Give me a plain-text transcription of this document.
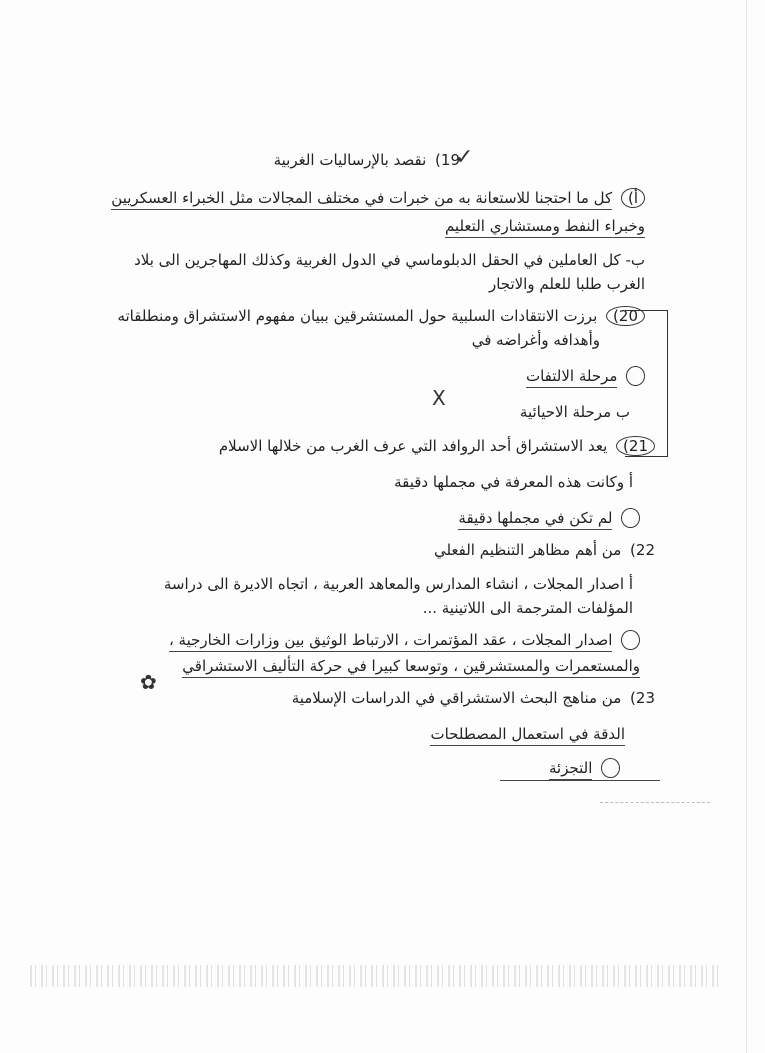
19) نقصد بالإرساليات الغربية	✓
أ) كل ما احتجنا للاستعانة به من خبرات في مختلف المجالات مثل الخبراء العسكريين
وخبراء النفط ومستشاري التعليم
ب- كل العاملين في الحقل الدبلوماسي في الدول الغربية وكذلك المهاجرين الى بلاد
الغرب طلبا للعلم والاتجار
20) برزت الانتقادات السلبية حول المستشرقين ببيان مفهوم الاستشراق ومنطلقاته
وأهدافه وأغراضه في
مرحلة الالتفات
X
ب مرحلة الاحيائية
21) يعد الاستشراق أحد الروافد التي عرف الغرب من خلالها الاسلام
أ وكانت هذه المعرفة في مجملها دقيقة
لم تكن في مجملها دقيقة
22) من أهم مظاهر التنظيم الفعلي
أ اصدار المجلات ، انشاء المدارس والمعاهد العربية ، اتجاه الاديرة الى دراسة
المؤلفات المترجمة الى اللاتينية ...
اصدار المجلات ، عقد المؤتمرات ، الارتباط الوثيق بين وزارات الخارجية ،
والمستعمرات والمستشرقين ، وتوسعا كبيرا في حركة التأليف الاستشراقي
✿
23) من مناهج البحث الاستشراقي في الدراسات الإسلامية
الدقة في استعمال المصطلحات
التجزئة
